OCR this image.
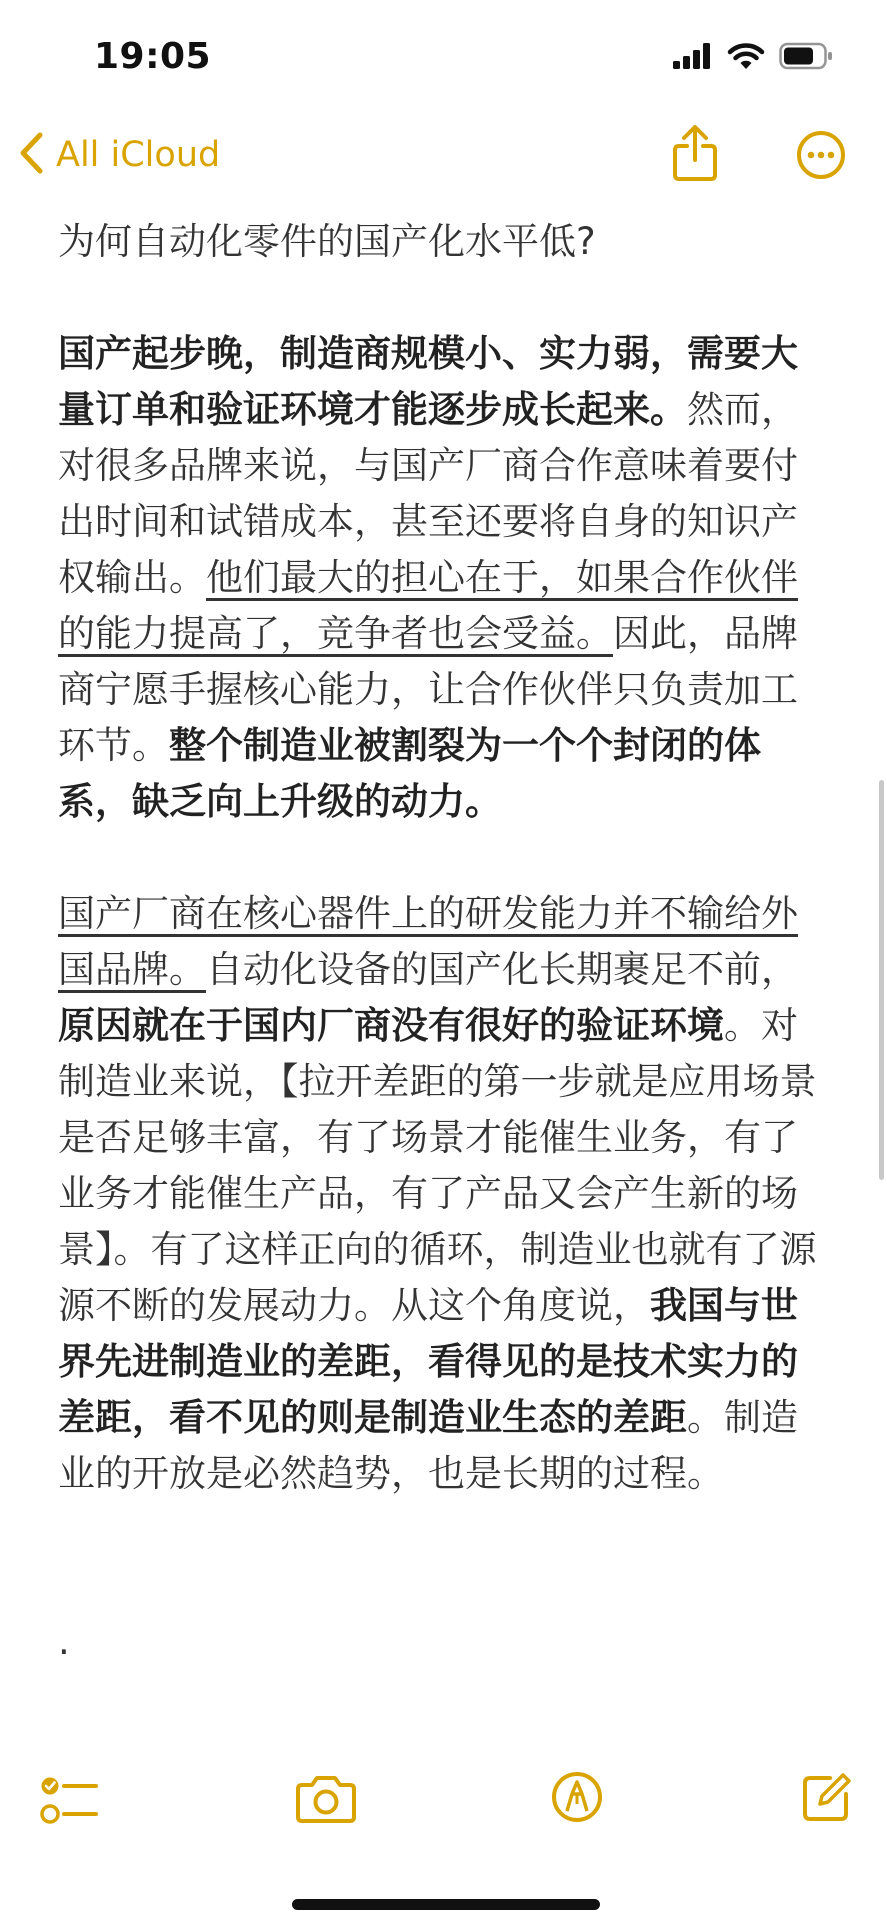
19:05
All iCloud

为何自动化零件的国产化水平低?

国产起步晚，制造商规模小、实力弱，需要大量订单和验证环境才能逐步成长起来。然而，对很多品牌来说，与国产厂商合作意味着要付出时间和试错成本，甚至还要将自身的知识产权输出。他们最大的担心在于，如果合作伙伴的能力提高了，竞争者也会受益。因此，品牌商宁愿手握核心能力，让合作伙伴只负责加工环节。整个制造业被割裂为一个个封闭的体系，缺乏向上升级的动力。

国产厂商在核心器件上的研发能力并不输给外国品牌。自动化设备的国产化长期裹足不前，原因就在于国内厂商没有很好的验证环境。对制造业来说，【拉开差距的第一步就是应用场景是否足够丰富，有了场景才能催生业务，有了业务才能催生产品，有了产品又会产生新的场景】。有了这样正向的循环，制造业也就有了源源不断的发展动力。从这个角度说，我国与世界先进制造业的差距，看得见的是技术实力的差距，看不见的则是制造业生态的差距。制造业的开放是必然趋势，也是长期的过程。

.
